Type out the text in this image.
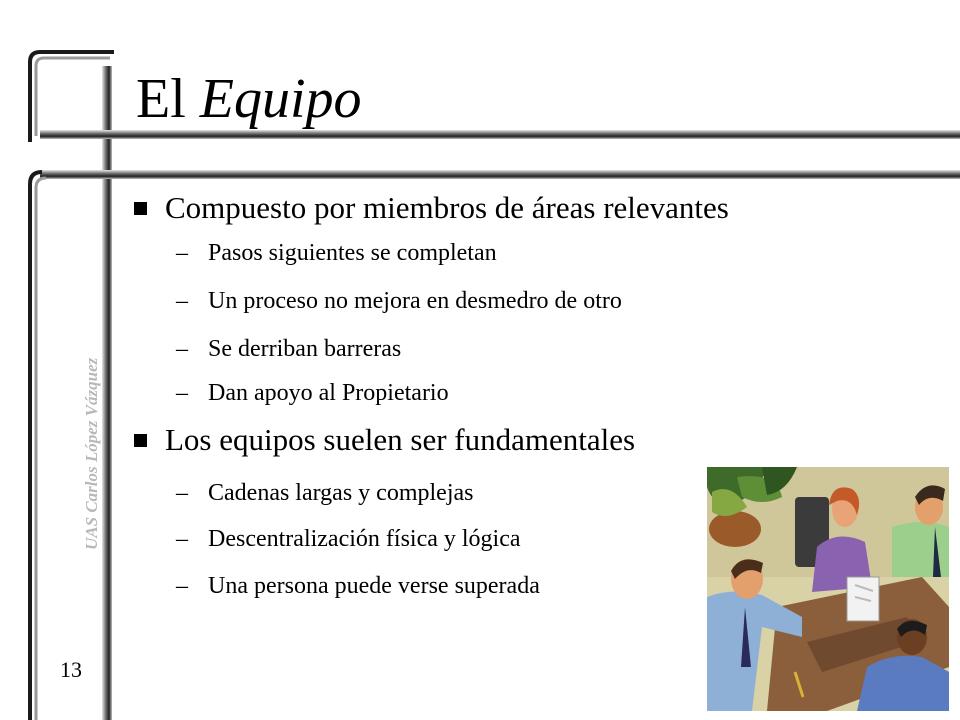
El Equipo
UAS Carlos López Vázquez
13
Compuesto por miembros de áreas relevantes
– Pasos siguientes se completan
– Un proceso no mejora en desmedro de otro
– Se derriban barreras
– Dan apoyo al Propietario
Los equipos suelen ser fundamentales
– Cadenas largas y complejas
– Descentralización física y lógica
– Una persona puede verse superada
